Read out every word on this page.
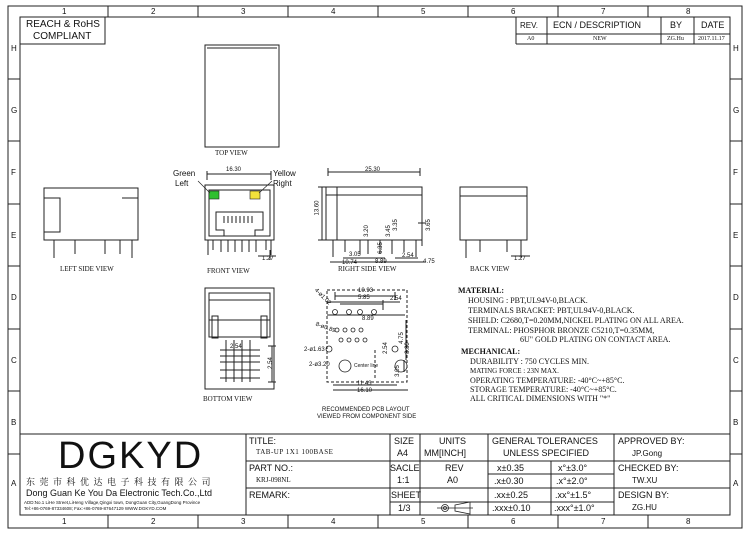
1	2	3	4	5	6	7	8
1	2	3	4	5	6	7	8
H
G
F
E
D
C
B
A
H
G
F
E
D
C
B
A
REACH & RoHS
COMPLIANT
REV. ECN / DESCRIPTION	BY DATE
A0	NEW	ZG.Hu 2017.11.17
TOP VIEW
LEFT SIDE VIEW	FRONT VIEW	RIGHT SIDE VIEW	BACK VIEW
BOTTOM VIEW
RECOMMENDED PCB LAYOUT
VIEWED FROM COMPONENT SIDE
Green
Left
Yellow
Right
16.30
1.27
25.30
13.60
3.20	3.45
3.35	3.65
3.05
10.74
6.35
8.89
2.54
4.75	1.27
2.54
2.54
10.93
5.85	2.54
4-ø1.02
8.89
8-ø0.89
2-ø1.63
2-ø3.20
2.54
4.75
3.05
8.89
11.43
16.10
Center line
MATERIAL:
HOUSING : PBT,UL94V-0,BLACK.
TERMINALS BRACKET: PBT,UL94V-0,BLACK.
SHIELD: C2680,T=0.20MM,NICKEL PLATING ON ALL AREA.
TERMINAL: PHOSPHOR BRONZE C5210,T=0.35MM,
6U" GOLD PLATING ON CONTACT AREA.
MECHANICAL:
DURABILITY : 750 CYCLES MIN.
MATING FORCE : 23N MAX.
OPERATING TEMPERATURE: -40°C~+85°C.
STORAGE TEMPERATURE: -40°C~+85°C.
ALL CRITICAL DIMENSIONS WITH "*"
DGKYD
东 莞 市 科 优 达 电 子 科 技 有 限 公 司
Dong Guan Ke You Da Electronic Tech.Co.,Ltd
ADD:No.1 LiHe Street,LiHeng Village,Qingxi town, DongGuan City,GuangDong Province
Tel:+86-0769-87334608; Fax:+86-0769-87647129 WWW.DGKYD.COM
TITLE:
TAB-UP 1X1 100BASE
PART NO.:
KRJ-098NL
REMARK:
SIZE
A4
UNITS
MM[INCH]
SACLE
1:1
REV
A0
SHEET
1/3
GENERAL TOLERANCES
UNLESS SPECIFIED
x±0.35	x°±3.0°
.x±0.30	.x°±2.0°
.xx±0.25	.xx°±1.5°
.xxx±0.10	.xxx°±1.0°
APPROVED BY:
JP.Gong
CHECKED BY:
TW.XU
DESIGN BY:
ZG.HU
